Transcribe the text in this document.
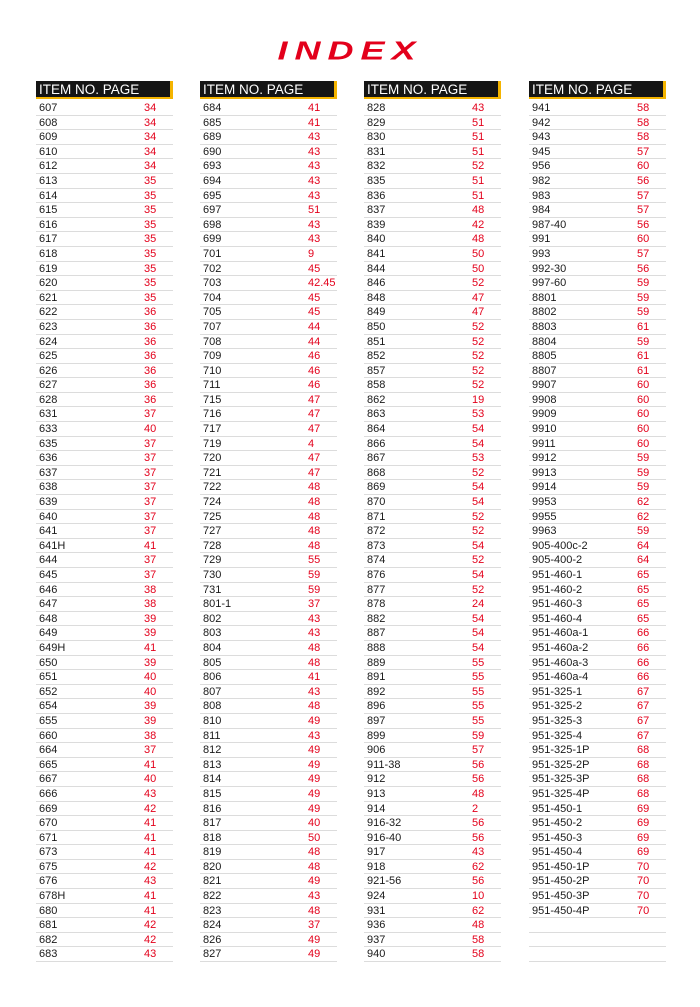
INDEX
ITEM NO. PAGE
607	34
608	34
609	34
610	34
612	34
613	35
614	35
615	35
616	35
617	35
618	35
619	35
620	35
621	35
622	36
623	36
624	36
625	36
626	36
627	36
628	36
631	37
633	40
635	37
636	37
637	37
638	37
639	37
640	37
641	37
641H	41
644	37
645	37
646	38
647	38
648	39
649	39
649H	41
650	39
651	40
652	40
654	39
655	39
660	38
664	37
665	41
667	40
666	43
669	42
670	41
671	41
673	41
675	42
676	43
678H	41
680	41
681	42
682	42
683	43
ITEM NO. PAGE
684	41
685	41
689	43
690	43
693	43
694	43
695	43
697	51
698	43
699	43
701	9
702	45
703	42.45
704	45
705	45
707	44
708	44
709	46
710	46
711	46
715	47
716	47
717	47
719	4
720	47
721	47
722	48
724	48
725	48
727	48
728	48
729	55
730	59
731	59
801-1	37
802	43
803	43
804	48
805	48
806	41
807	43
808	48
810	49
811	43
812	49
813	49
814	49
815	49
816	49
817	40
818	50
819	48
820	48
821	49
822	43
823	48
824	37
826	49
827	49
ITEM NO. PAGE
828	43
829	51
830	51
831	51
832	52
835	51
836	51
837	48
839	42
840	48
841	50
844	50
846	52
848	47
849	47
850	52
851	52
852	52
857	52
858	52
862	19
863	53
864	54
866	54
867	53
868	52
869	54
870	54
871	52
872	52
873	54
874	52
876	54
877	52
878	24
882	54
887	54
888	54
889	55
891	55
892	55
896	55
897	55
899	59
906	57
911-38	56
912	56
913	48
914	2
916-32	56
916-40	56
917	43
918	62
921-56	56
924	10
931	62
936	48
937	58
940	58
ITEM NO. PAGE
941	58
942	58
943	58
945	57
956	60
982	56
983	57
984	57
987-40	56
991	60
993	57
992-30	56
997-60	59
8801	59
8802	59
8803	61
8804	59
8805	61
8807	61
9907	60
9908	60
9909	60
9910	60
9911	60
9912	59
9913	59
9914	59
9953	62
9955	62
9963	59
905-400c-2	64
905-400-2	64
951-460-1	65
951-460-2	65
951-460-3	65
951-460-4	65
951-460a-1	66
951-460a-2	66
951-460a-3	66
951-460a-4	66
951-325-1	67
951-325-2	67
951-325-3	67
951-325-4	67
951-325-1P	68
951-325-2P	68
951-325-3P	68
951-325-4P	68
951-450-1	69
951-450-2	69
951-450-3	69
951-450-4	69
951-450-1P	70
951-450-2P	70
951-450-3P	70
951-450-4P	70
